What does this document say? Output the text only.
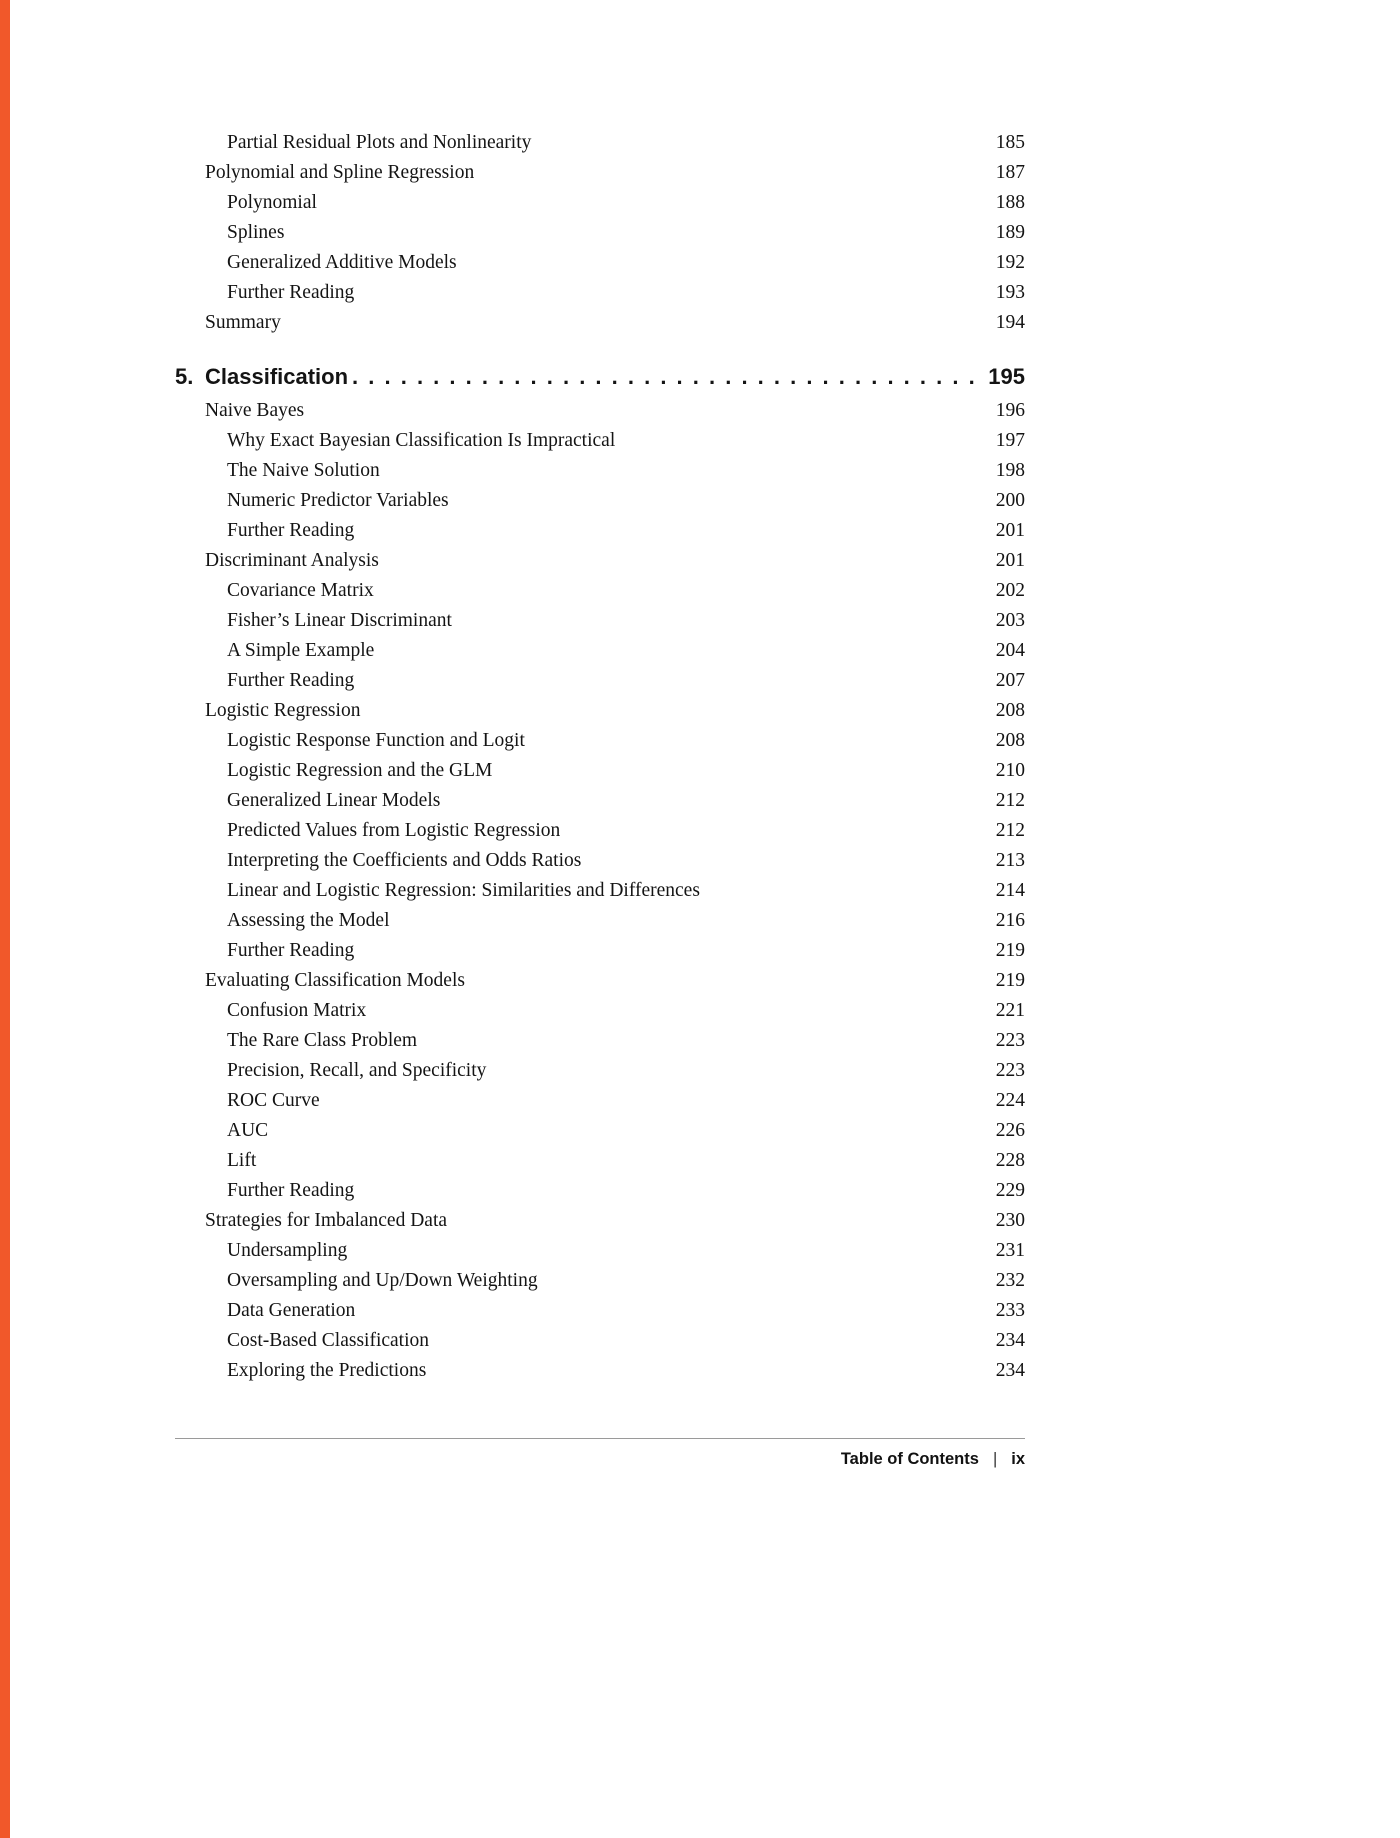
Partial Residual Plots and Nonlinearity	185
Polynomial and Spline Regression	187
Polynomial	188
Splines	189
Generalized Additive Models	192
Further Reading	193
Summary	194
5. Classification . . .	195
Naive Bayes	196
Why Exact Bayesian Classification Is Impractical	197
The Naive Solution	198
Numeric Predictor Variables	200
Further Reading	201
Discriminant Analysis	201
Covariance Matrix	202
Fisher’s Linear Discriminant	203
A Simple Example	204
Further Reading	207
Logistic Regression	208
Logistic Response Function and Logit	208
Logistic Regression and the GLM	210
Generalized Linear Models	212
Predicted Values from Logistic Regression	212
Interpreting the Coefficients and Odds Ratios	213
Linear and Logistic Regression: Similarities and Differences	214
Assessing the Model	216
Further Reading	219
Evaluating Classification Models	219
Confusion Matrix	221
The Rare Class Problem	223
Precision, Recall, and Specificity	223
ROC Curve	224
AUC	226
Lift	228
Further Reading	229
Strategies for Imbalanced Data	230
Undersampling	231
Oversampling and Up/Down Weighting	232
Data Generation	233
Cost-Based Classification	234
Exploring the Predictions	234
Table of Contents | ix
